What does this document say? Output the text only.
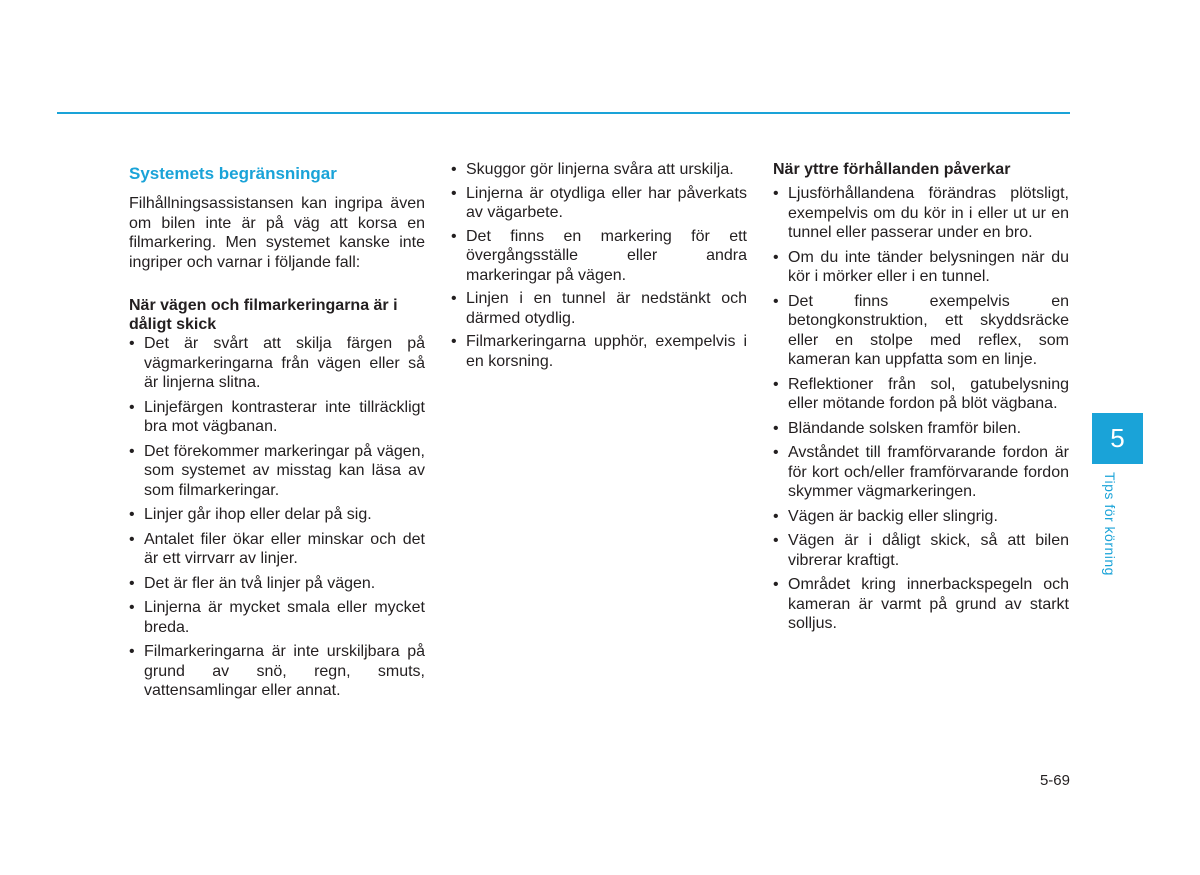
Systemets begränsningar

Filhållningsassistansen kan ingripa även om bilen inte är på väg att korsa en filmarkering. Men systemet kanske inte ingriper och varnar i följande fall:

När vägen och filmarkeringarna är i dåligt skick
• Det är svårt att skilja färgen på vägmarkeringarna från vägen eller så är linjerna slitna.
• Linjefärgen kontrasterar inte tillräckligt bra mot vägbanan.
• Det förekommer markeringar på vägen, som systemet av misstag kan läsa av som filmarkeringar.
• Linjer går ihop eller delar på sig.
• Antalet filer ökar eller minskar och det är ett virrvarr av linjer.
• Det är fler än två linjer på vägen.
• Linjerna är mycket smala eller mycket breda.
• Filmarkeringarna är inte urskiljbara på grund av snö, regn, smuts, vattensamlingar eller annat.
• Skuggor gör linjerna svåra att urskilja.
• Linjerna är otydliga eller har påverkats av vägarbete.
• Det finns en markering för ett övergångsställe eller andra markeringar på vägen.
• Linjen i en tunnel är nedstänkt och därmed otydlig.
• Filmarkeringarna upphör, exempelvis i en korsning.
När yttre förhållanden påverkar
• Ljusförhållandena förändras plötsligt, exempelvis om du kör in i eller ut ur en tunnel eller passerar under en bro.
• Om du inte tänder belysningen när du kör i mörker eller i en tunnel.
• Det finns exempelvis en betongkonstruktion, ett skyddsräcke eller en stolpe med reflex, som kameran kan uppfatta som en linje.
• Reflektioner från sol, gatubelysning eller mötande fordon på blöt vägbana.
• Bländande solsken framför bilen.
• Avståndet till framförvarande fordon är för kort och/eller framförvarande fordon skymmer vägmarkeringen.
• Vägen är backig eller slingrig.
• Vägen är i dåligt skick, så att bilen vibrerar kraftigt.
• Området kring innerbackspegeln och kameran är varmt på grund av starkt solljus.
5
Tips för körning
5-69
